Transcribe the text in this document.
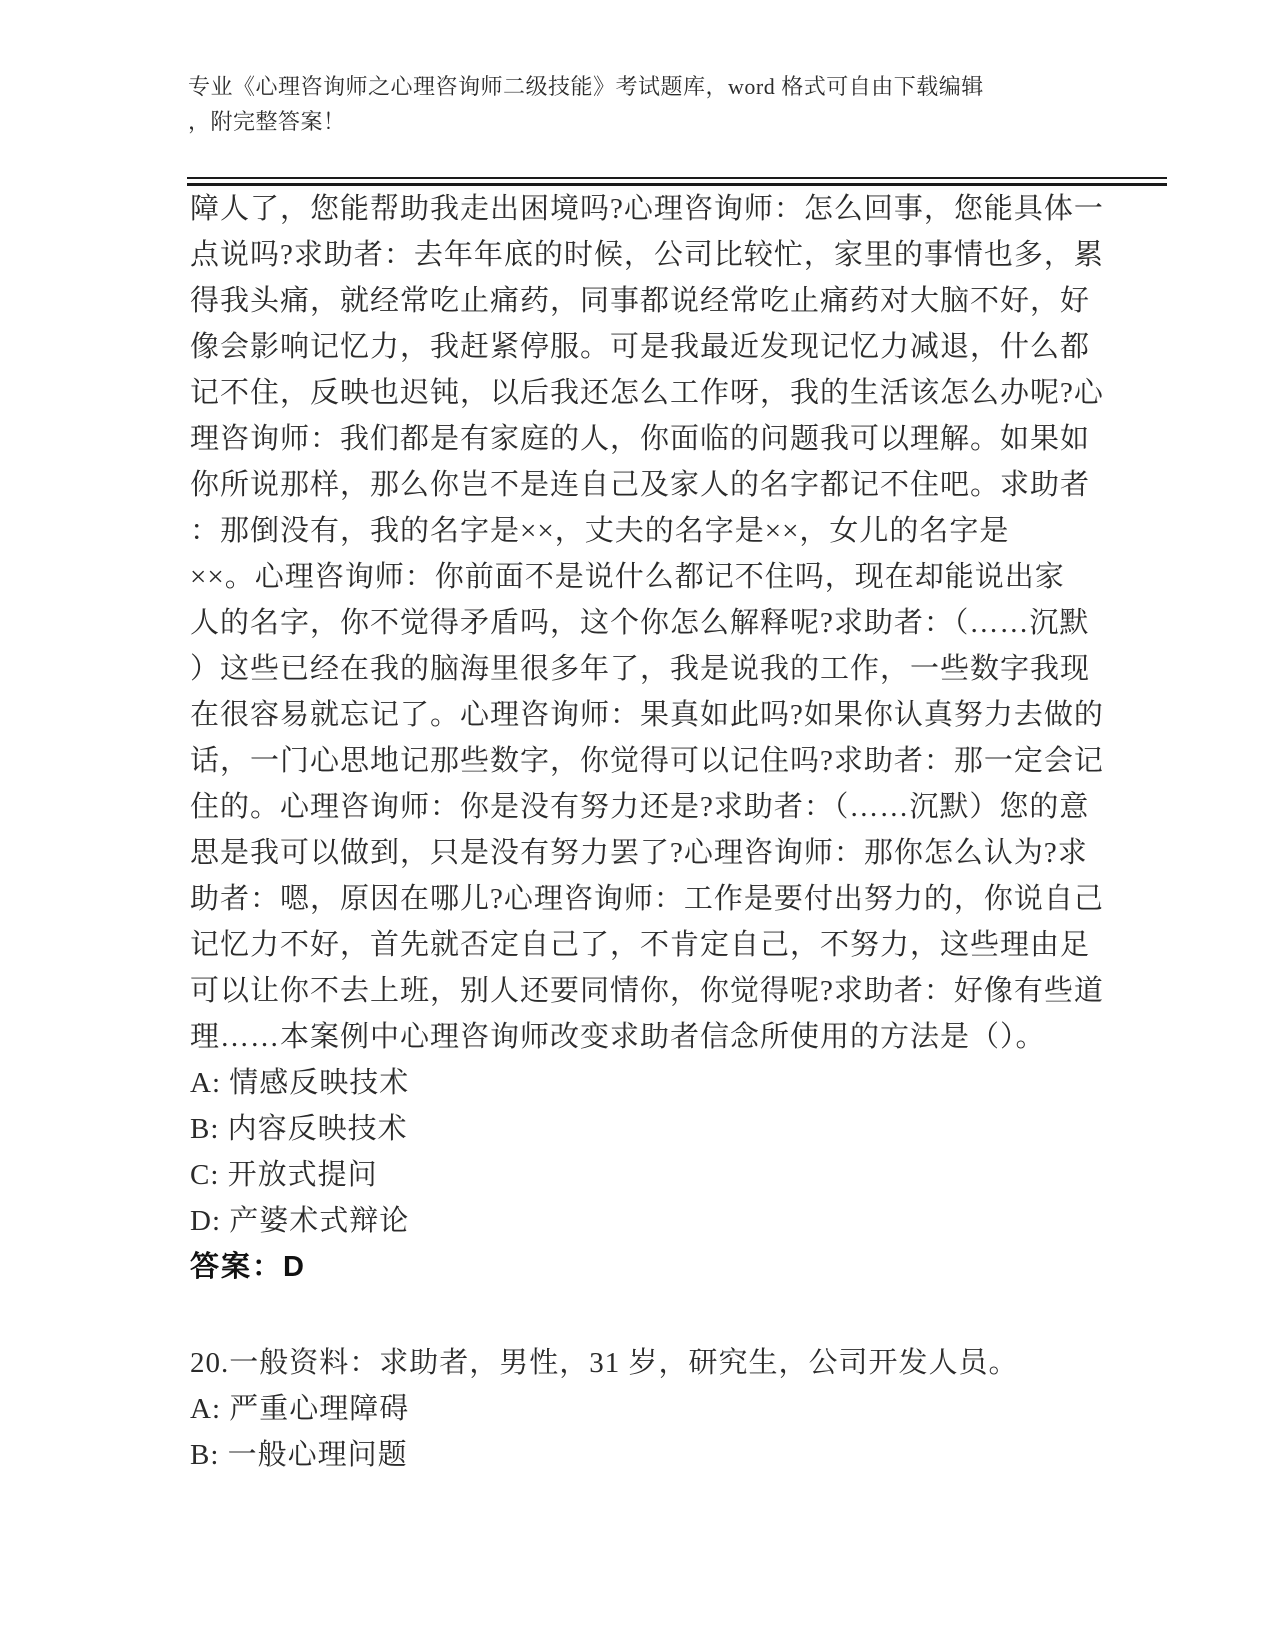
专业《心理咨询师之心理咨询师二级技能》考试题库，word 格式可自由下载编辑
，附完整答案！
障人了，您能帮助我走出困境吗?心理咨询师：怎么回事，您能具体一
点说吗?求助者：去年年底的时候，公司比较忙，家里的事情也多，累
得我头痛，就经常吃止痛药，同事都说经常吃止痛药对大脑不好，好
像会影响记忆力，我赶紧停服。可是我最近发现记忆力减退，什么都
记不住，反映也迟钝，以后我还怎么工作呀，我的生活该怎么办呢?心
理咨询师：我们都是有家庭的人，你面临的问题我可以理解。如果如
你所说那样，那么你岂不是连自己及家人的名字都记不住吧。求助者
：那倒没有，我的名字是××，丈夫的名字是××，女儿的名字是
××。心理咨询师：你前面不是说什么都记不住吗，现在却能说出家
人的名字，你不觉得矛盾吗，这个你怎么解释呢?求助者：（……沉默
）这些已经在我的脑海里很多年了，我是说我的工作，一些数字我现
在很容易就忘记了。心理咨询师：果真如此吗?如果你认真努力去做的
话，一门心思地记那些数字，你觉得可以记住吗?求助者：那一定会记
住的。心理咨询师：你是没有努力还是?求助者：（……沉默）您的意
思是我可以做到，只是没有努力罢了?心理咨询师：那你怎么认为?求
助者：嗯，原因在哪儿?心理咨询师：工作是要付出努力的，你说自己
记忆力不好，首先就否定自己了，不肯定自己，不努力，这些理由足
可以让你不去上班，别人还要同情你，你觉得呢?求助者：好像有些道
理……本案例中心理咨询师改变求助者信念所使用的方法是（）。
A: 情感反映技术
B: 内容反映技术
C: 开放式提问
D: 产婆术式辩论
答案：D
20.一般资料：求助者，男性，31 岁，研究生，公司开发人员。
A: 严重心理障碍
B: 一般心理问题
